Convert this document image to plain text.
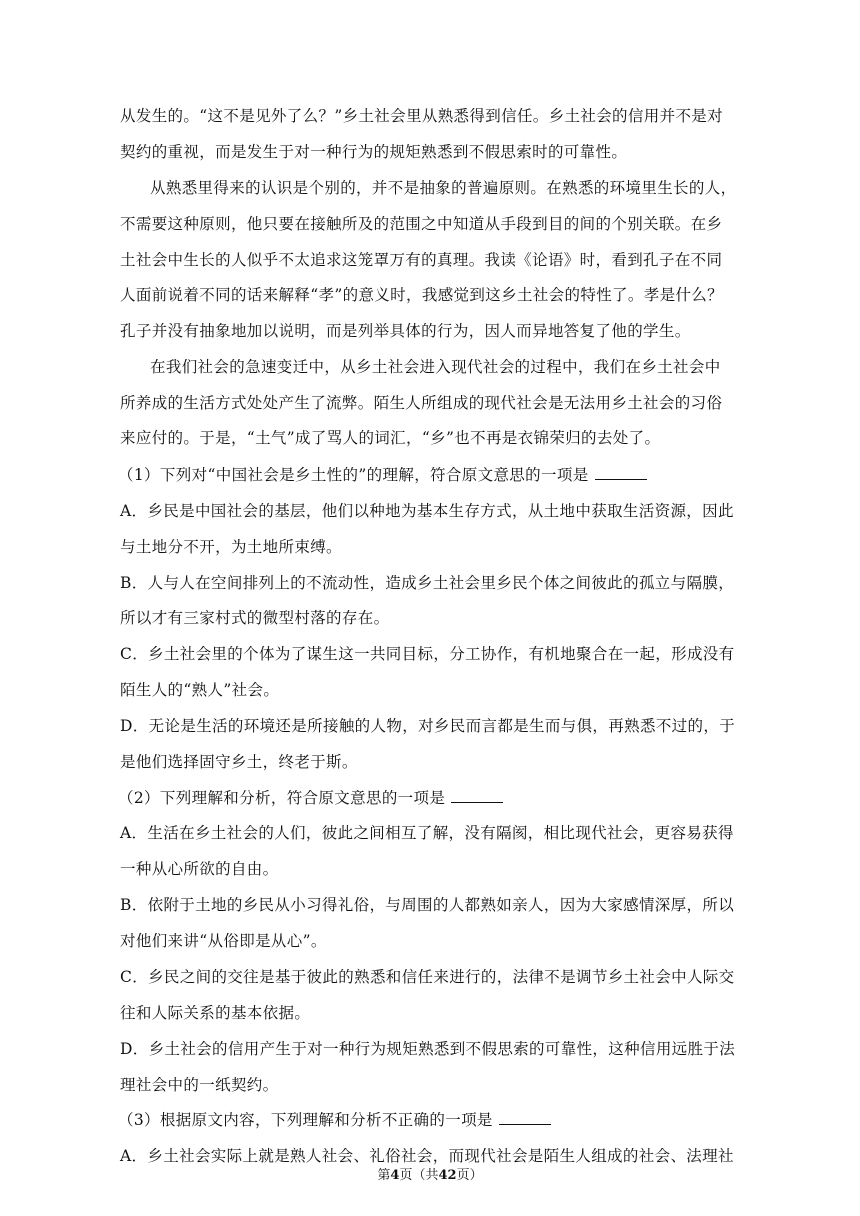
从发生的。“这不是见外了么？”乡土社会里从熟悉得到信任。乡土社会的信用并不是对
契约的重视，而是发生于对一种行为的规矩熟悉到不假思索时的可靠性。
从熟悉里得来的认识是个别的，并不是抽象的普遍原则。在熟悉的环境里生长的人，
不需要这种原则，他只要在接触所及的范围之中知道从手段到目的间的个别关联。在乡
土社会中生长的人似乎不太追求这笼罩万有的真理。我读《论语》时，看到孔子在不同
人面前说着不同的话来解释“孝”的意义时，我感觉到这乡土社会的特性了。孝是什么？
孔子并没有抽象地加以说明，而是列举具体的行为，因人而异地答复了他的学生。
在我们社会的急速变迁中，从乡土社会进入现代社会的过程中，我们在乡土社会中
所养成的生活方式处处产生了流弊。陌生人所组成的现代社会是无法用乡土社会的习俗
来应付的。于是，“土气”成了骂人的词汇，“乡”也不再是衣锦荣归的去处了。
（1）下列对“中国社会是乡土性的”的理解，符合原文意思的一项是
A．乡民是中国社会的基层，他们以种地为基本生存方式，从土地中获取生活资源，因此
与土地分不开，为土地所束缚。
B．人与人在空间排列上的不流动性，造成乡土社会里乡民个体之间彼此的孤立与隔膜，
所以才有三家村式的微型村落的存在。
C．乡土社会里的个体为了谋生这一共同目标，分工协作，有机地聚合在一起，形成没有
陌生人的“熟人”社会。
D．无论是生活的环境还是所接触的人物，对乡民而言都是生而与俱，再熟悉不过的，于
是他们选择固守乡土，终老于斯。
（2）下列理解和分析，符合原文意思的一项是
A．生活在乡土社会的人们，彼此之间相互了解，没有隔阂，相比现代社会，更容易获得
一种从心所欲的自由。
B．依附于土地的乡民从小习得礼俗，与周围的人都熟如亲人，因为大家感情深厚，所以
对他们来讲“从俗即是从心”。
C．乡民之间的交往是基于彼此的熟悉和信任来进行的，法律不是调节乡土社会中人际交
往和人际关系的基本依据。
D．乡土社会的信用产生于对一种行为规矩熟悉到不假思索的可靠性，这种信用远胜于法
理社会中的一纸契约。
（3）根据原文内容，下列理解和分析不正确的一项是
A．乡土社会实际上就是熟人社会、礼俗社会，而现代社会是陌生人组成的社会、法理社
第4页（共42页）
